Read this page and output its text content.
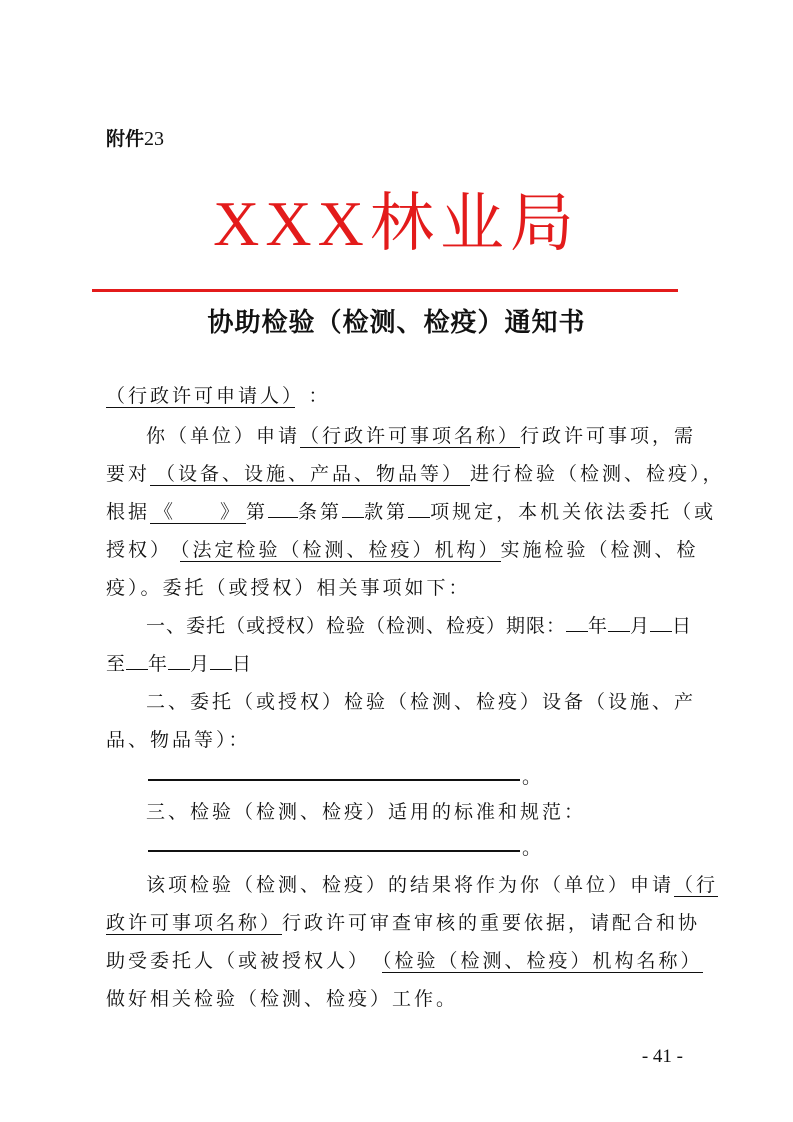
附件23
XXX林业局
协助检验（检测、检疫）通知书
（行政许可申请人） ：
你（单位）申请（行政许可事项名称）行政许可事项，需
要对 （设备、设施、产品、物品等） 进行检验（检测、检疫），
根据 《　　》 第 条第 款第 项规定，本机关依法委托（或
授权） （法定检验（检测、检疫）机构）实施检验（检测、检
疫）。委托（或授权）相关事项如下：
一、委托（或授权）检验（检测、检疫）期限： 年 月 日
至 年 月 日
二、委托（或授权）检验（检测、检疫）设备（设施、产
品、物品等）：
。
三、检验（检测、检疫）适用的标准和规范：
。
该项检验（检测、检疫）的结果将作为你（单位）申请（行
政许可事项名称）行政许可审查审核的重要依据，请配合和协
助受委托人（或被授权人） （检验（检测、检疫）机构名称）
做好相关检验（检测、检疫）工作。
- 41 -
